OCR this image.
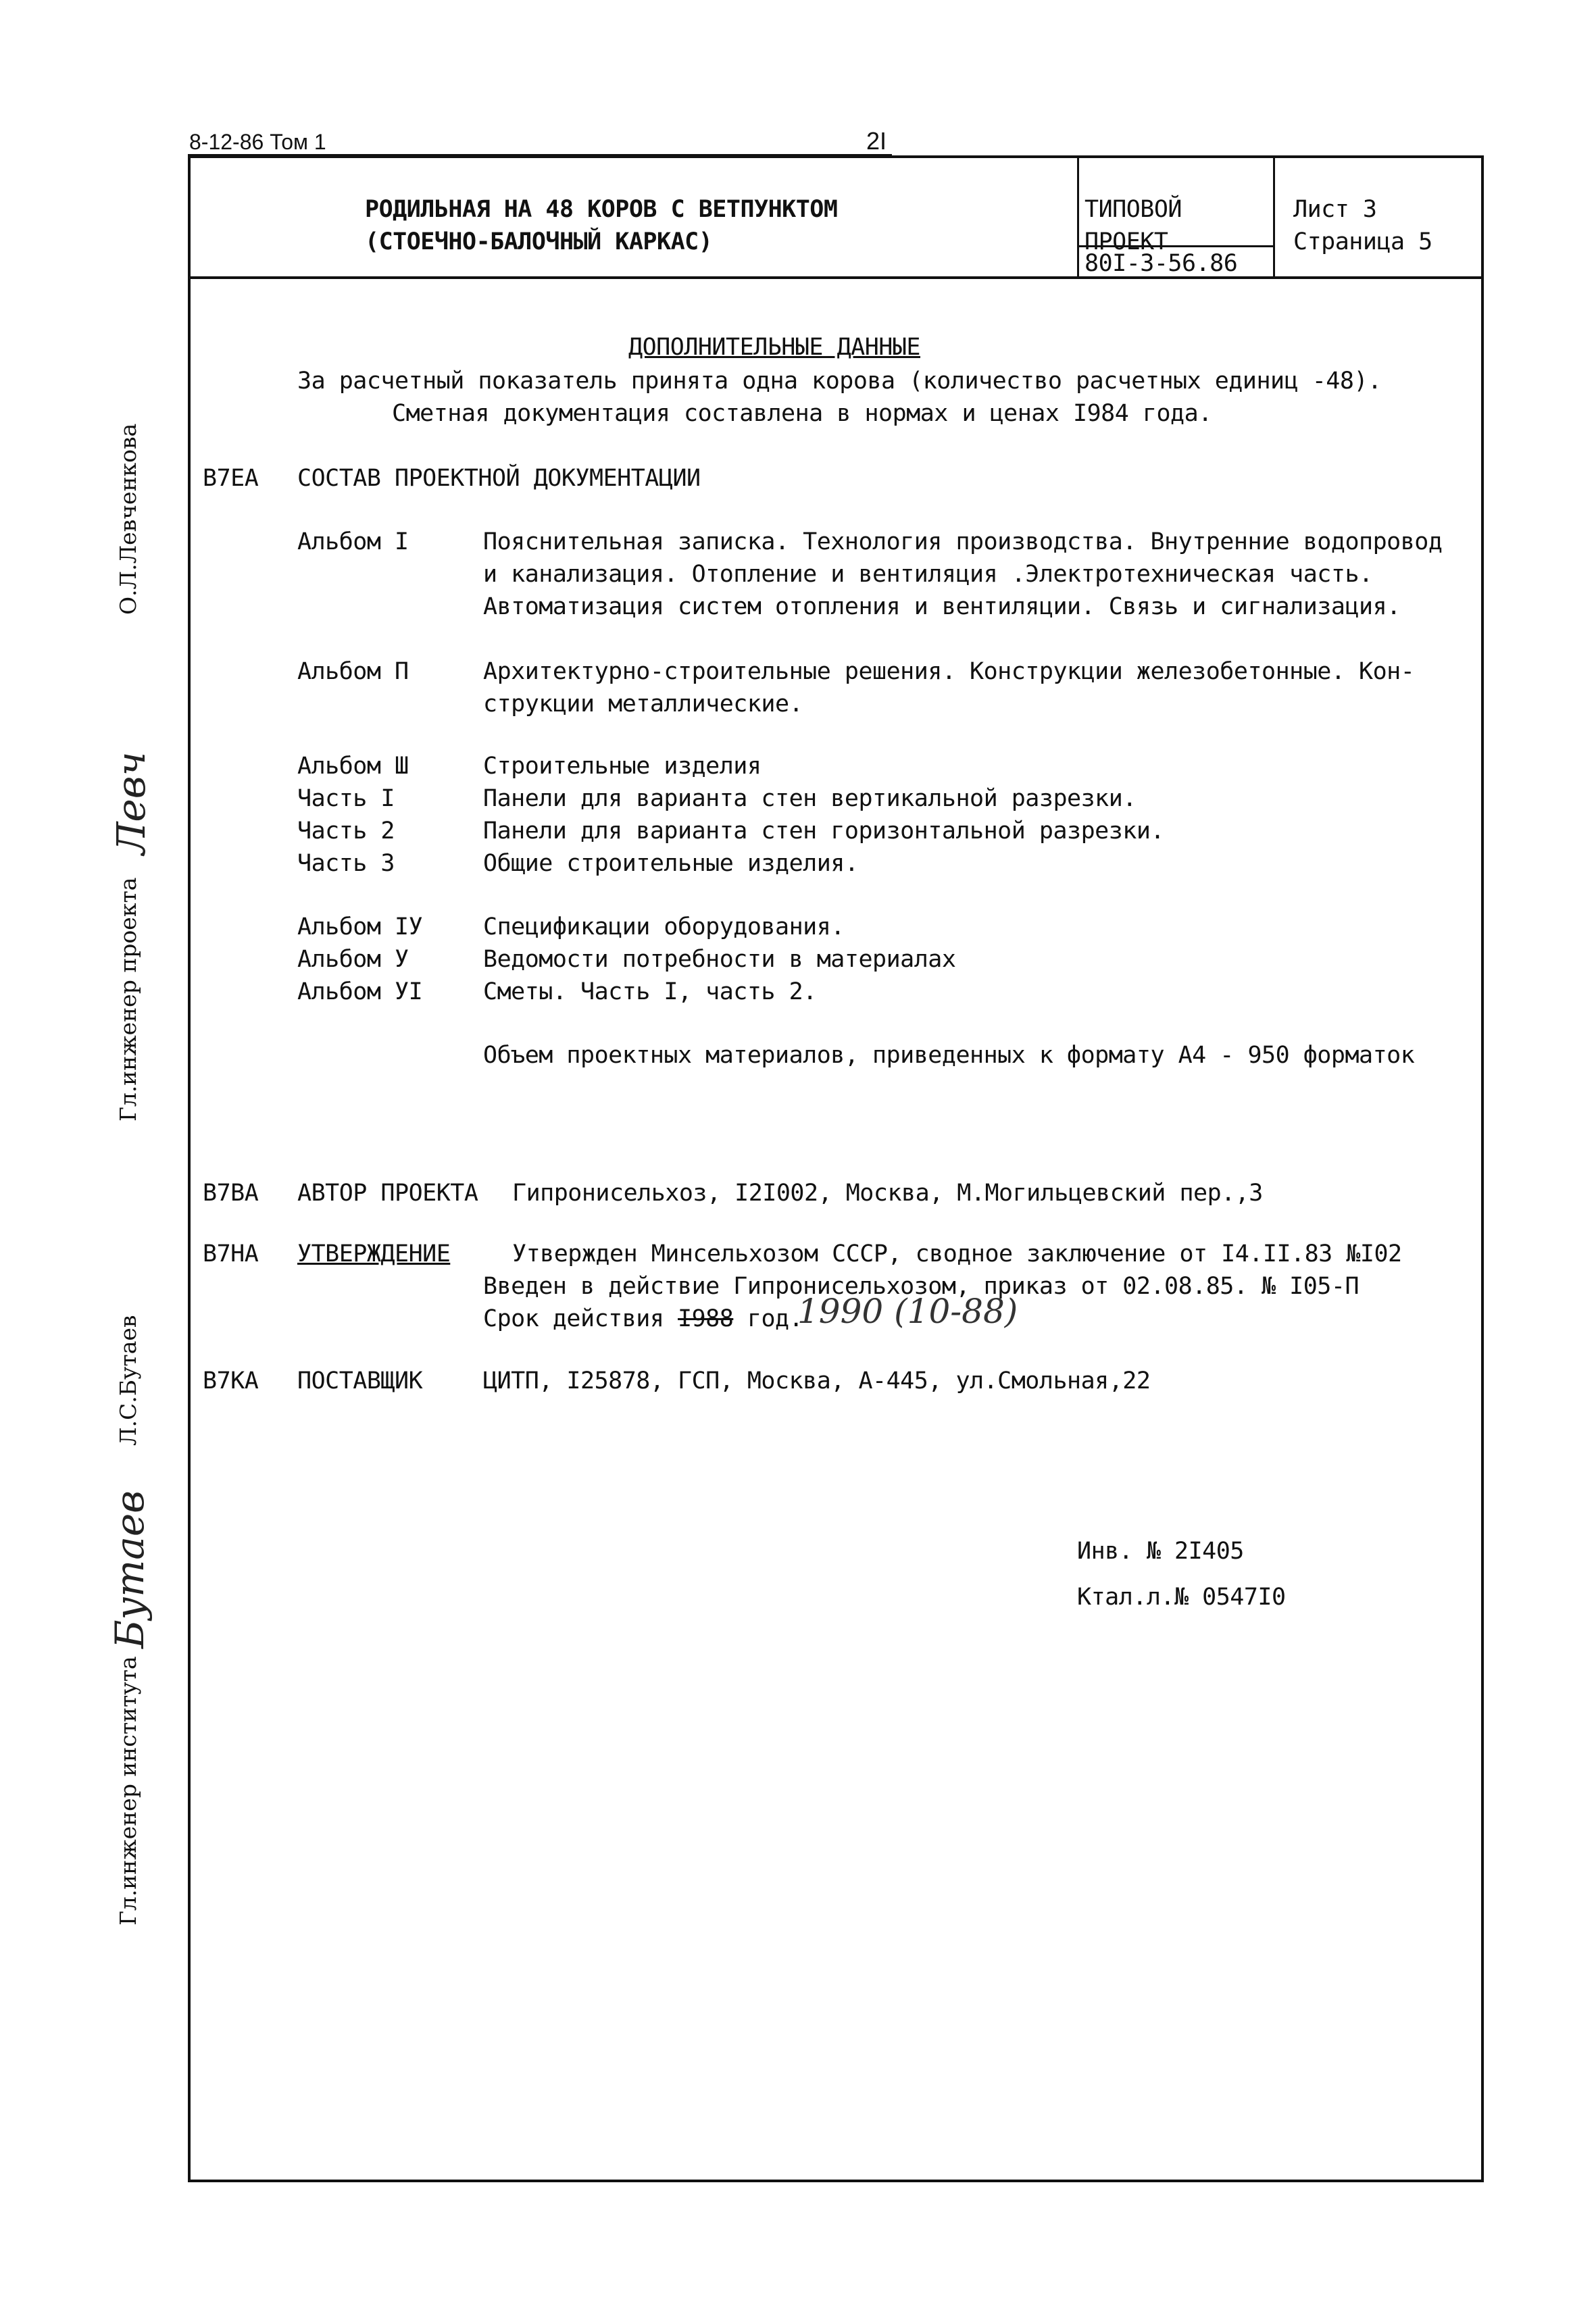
8-12-86 Том 1	2I
РОДИЛЬНАЯ НА 48 КОРОВ С ВЕТПУНКТОМ
(СТОЕЧНО-БАЛОЧНЫЙ КАРКАС)
ТИПОВОЙ
ПРОЕКТ
80I-3-56.86
Лист 3
Страница 5
ДОПОЛНИТЕЛЬНЫЕ ДАННЫЕ
За расчетный показатель принята одна корова (количество расчетных единиц -48).
Сметная документация составлена в нормах и ценах I984 года.
В7ЕА СОСТАВ ПРОЕКТНОЙ ДОКУМЕНТАЦИИ
Альбом I	Пояснительная записка. Технология производства. Внутренние водопровод
и канализация. Отопление и вентиляция .Электротехническая часть.
Автоматизация систем отопления и вентиляции. Связь и сигнализация.
Альбом П	Архитектурно-строительные решения. Конструкции железобетонные. Кон-
струкции металлические.
Альбом Ш	Строительные изделия
Часть I	Панели для варианта стен вертикальной разрезки.
Часть 2	Панели для варианта стен горизонтальной разрезки.
Часть 3	Общие строительные изделия.
Альбом IУ	Спецификации оборудования.
Альбом У	Ведомости потребности в материалах
Альбом УI	Сметы. Часть I, часть 2.
Объем проектных материалов, приведенных к формату А4 - 950 форматок
В7ВА АВТОР ПРОЕКТА Гипронисельхоз, I2I002, Москва, М.Могильцевский пер.,3
В7НА УТВЕРЖДЕНИЕ	Утвержден Минсельхозом СССР, сводное заключение от I4.II.83 №I02
Введен в действие Гипронисельхозом, приказ от 02.08.85. № I05-П
Срок действия I988 год.
1990 (10-88)
В7КА ПОСТАВЩИК	ЦИТП, I25878, ГСП, Москва, А-445, ул.Смольная,22
Инв. № 2I405
Ктал.л.№ 0547I0
О.Л.Левченкова
Левч
Гл.инженер проекта
Л.С.Бутаев
Бутаев
Гл.инженер института
